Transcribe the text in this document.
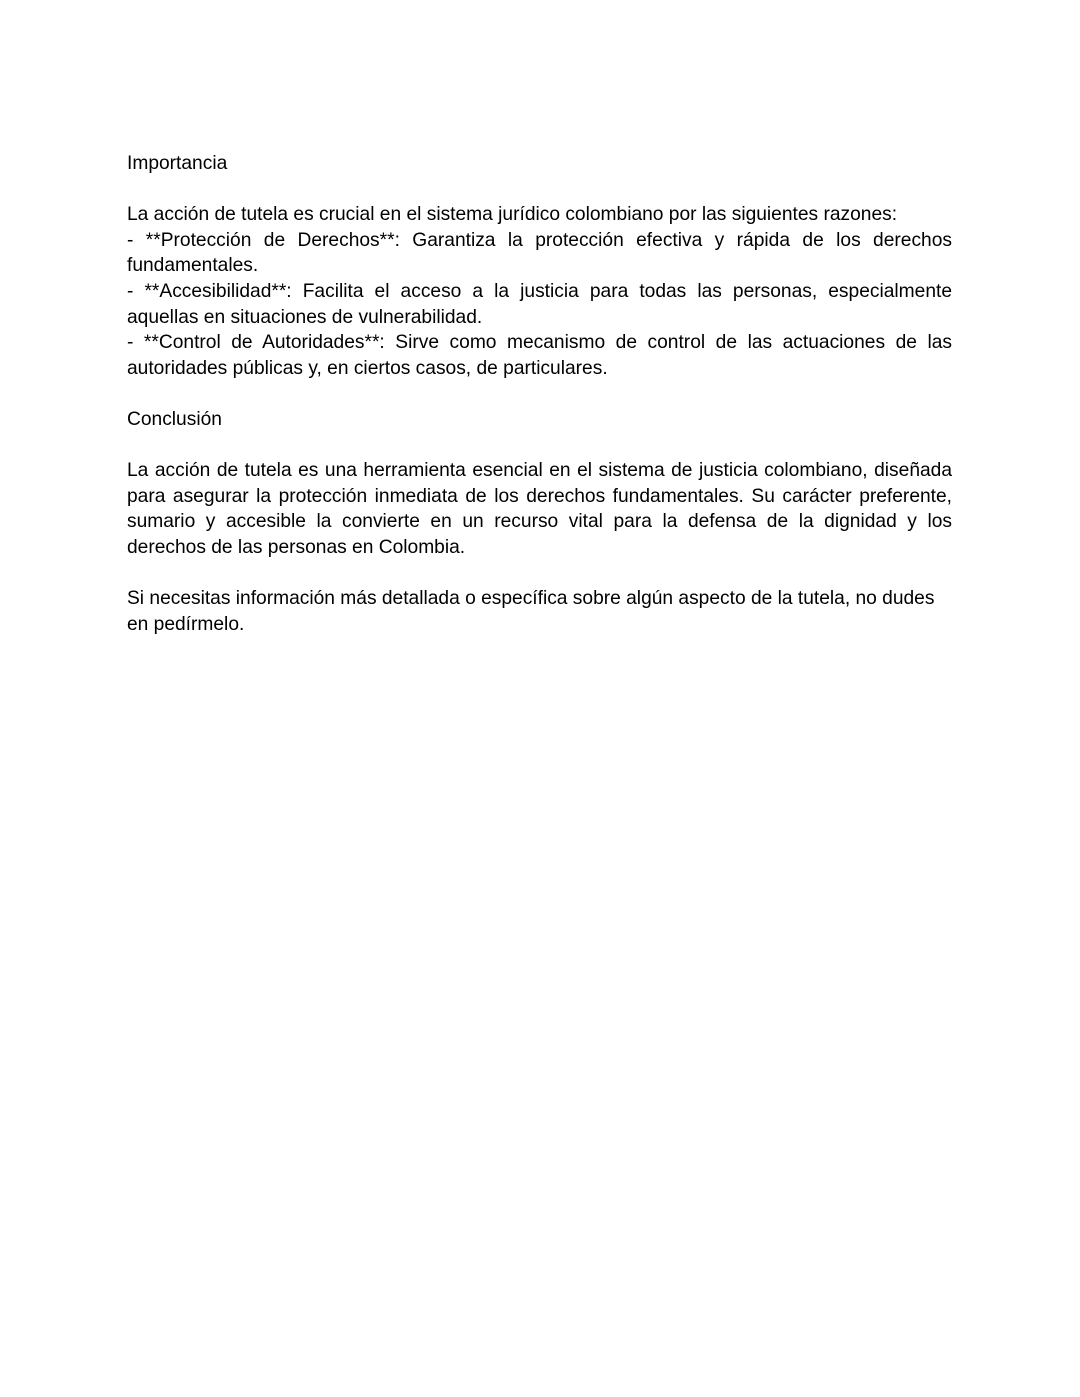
Importancia
La acción de tutela es crucial en el sistema jurídico colombiano por las siguientes razones:
- **Protección de Derechos**: Garantiza la protección efectiva y rápida de los derechos fundamentales.
- **Accesibilidad**: Facilita el acceso a la justicia para todas las personas, especialmente aquellas en situaciones de vulnerabilidad.
- **Control de Autoridades**: Sirve como mecanismo de control de las actuaciones de las autoridades públicas y, en ciertos casos, de particulares.
Conclusión
La acción de tutela es una herramienta esencial en el sistema de justicia colombiano, diseñada para asegurar la protección inmediata de los derechos fundamentales. Su carácter preferente, sumario y accesible la convierte en un recurso vital para la defensa de la dignidad y los derechos de las personas en Colombia.
Si necesitas información más detallada o específica sobre algún aspecto de la tutela, no dudes en pedírmelo.
